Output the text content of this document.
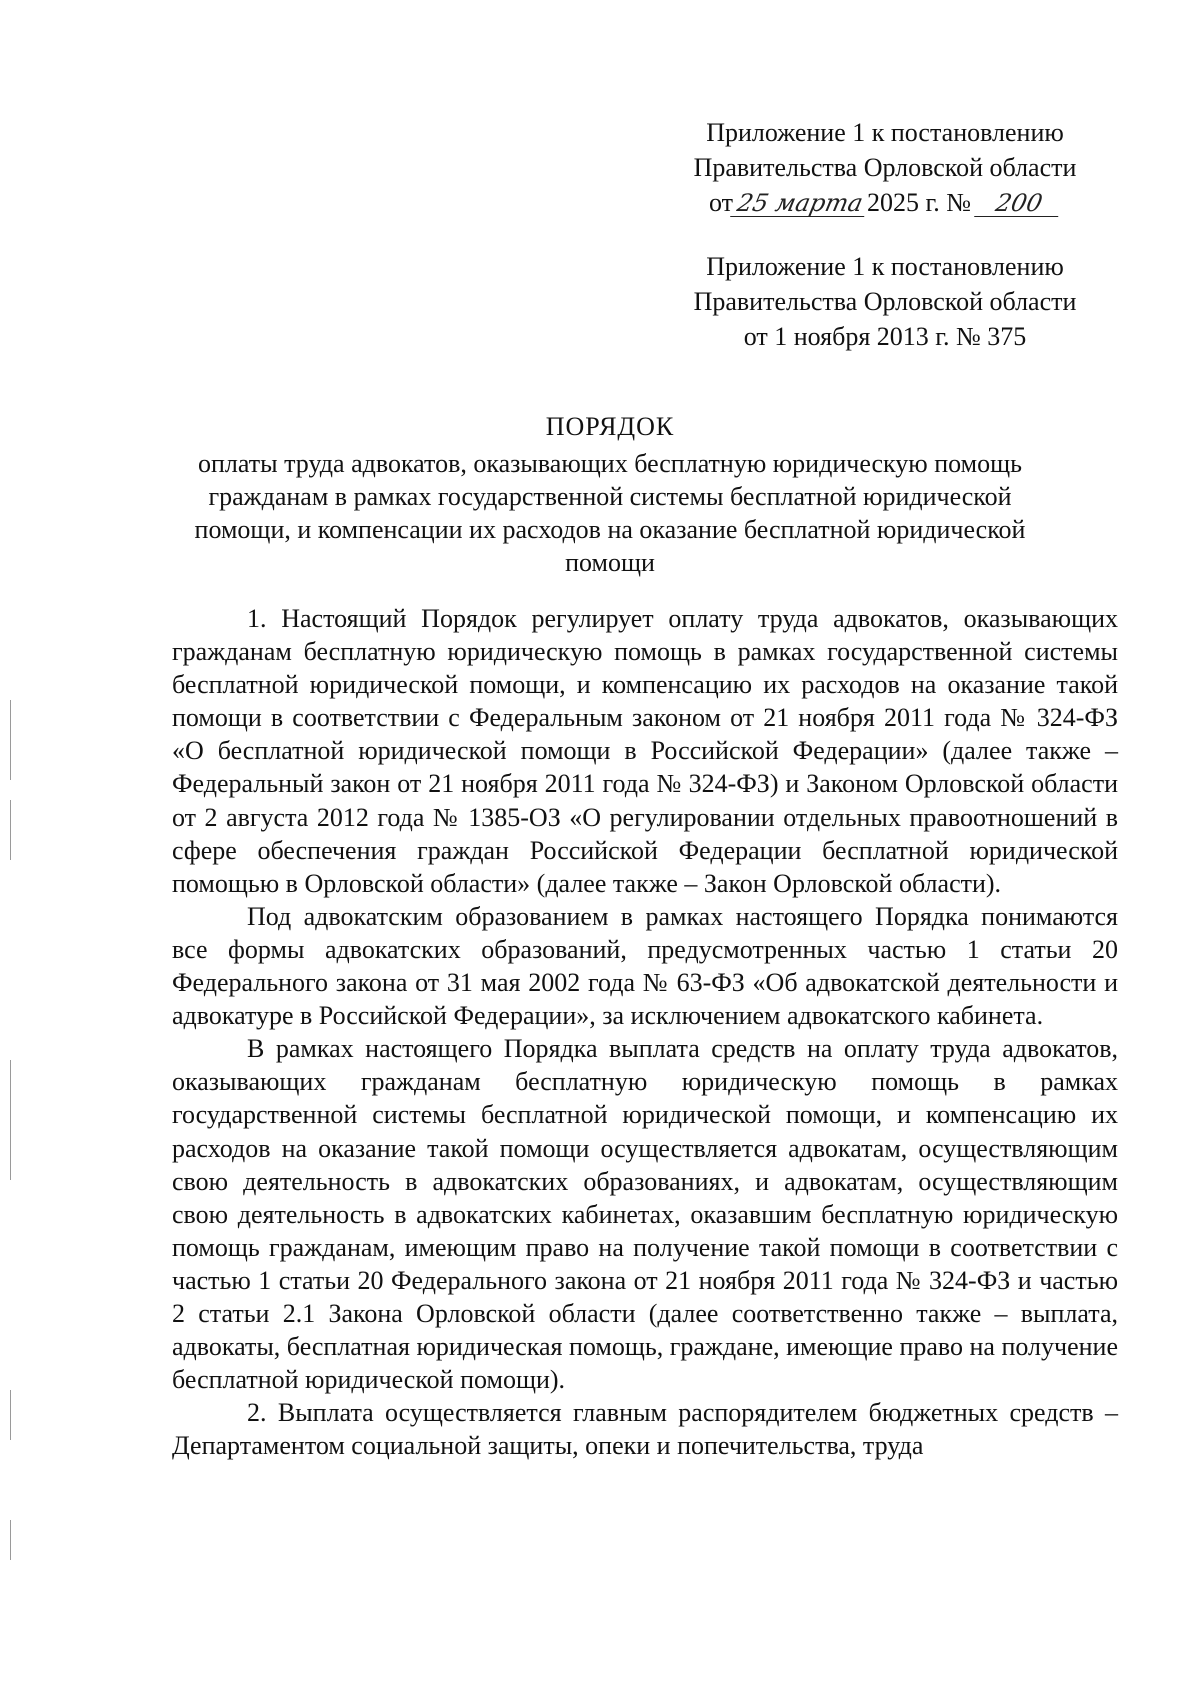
Приложение 1 к постановлению
Правительства Орловской области
от25 марта2025 г. № 200
Приложение 1 к постановлению
Правительства Орловской области
от 1 ноября 2013 г. № 375
ПОРЯДОК
оплаты труда адвокатов, оказывающих бесплатную юридическую помощь гражданам в рамках государственной системы бесплатной юридической помощи, и компенсации их расходов на оказание бесплатной юридической помощи

1. Настоящий Порядок регулирует оплату труда адвокатов, оказывающих гражданам бесплатную юридическую помощь в рамках государственной системы бесплатной юридической помощи, и компенсацию их расходов на оказание такой помощи в соответствии с Федеральным законом от 21 ноября 2011 года № 324-ФЗ «О бесплатной юридической помощи в Российской Федерации» (далее также – Федеральный закон от 21 ноября 2011 года № 324-ФЗ) и Законом Орловской области от 2 августа 2012 года № 1385-ОЗ «О регулировании отдельных правоотношений в сфере обеспечения граждан Российской Федерации бесплатной юридической помощью в Орловской области» (далее также – Закон Орловской области).

Под адвокатским образованием в рамках настоящего Порядка понимаются все формы адвокатских образований, предусмотренных частью 1 статьи 20 Федерального закона от 31 мая 2002 года № 63-ФЗ «Об адвокатской деятельности и адвокатуре в Российской Федерации», за исключением адвокатского кабинета.

В рамках настоящего Порядка выплата средств на оплату труда адвокатов, оказывающих гражданам бесплатную юридическую помощь в рамках государственной системы бесплатной юридической помощи, и компенсацию их расходов на оказание такой помощи осуществляется адвокатам, осуществляющим свою деятельность в адвокатских образованиях, и адвокатам, осуществляющим свою деятельность в адвокатских кабинетах, оказавшим бесплатную юридическую помощь гражданам, имеющим право на получение такой помощи в соответствии с частью 1 статьи 20 Федерального закона от 21 ноября 2011 года № 324-ФЗ и частью 2 статьи 2.1 Закона Орловской области (далее соответственно также – выплата, адвокаты, бесплатная юридическая помощь, граждане, имеющие право на получение бесплатной юридической помощи).

2. Выплата осуществляется главным распорядителем бюджетных средств – Департаментом социальной защиты, опеки и попечительства, труда
